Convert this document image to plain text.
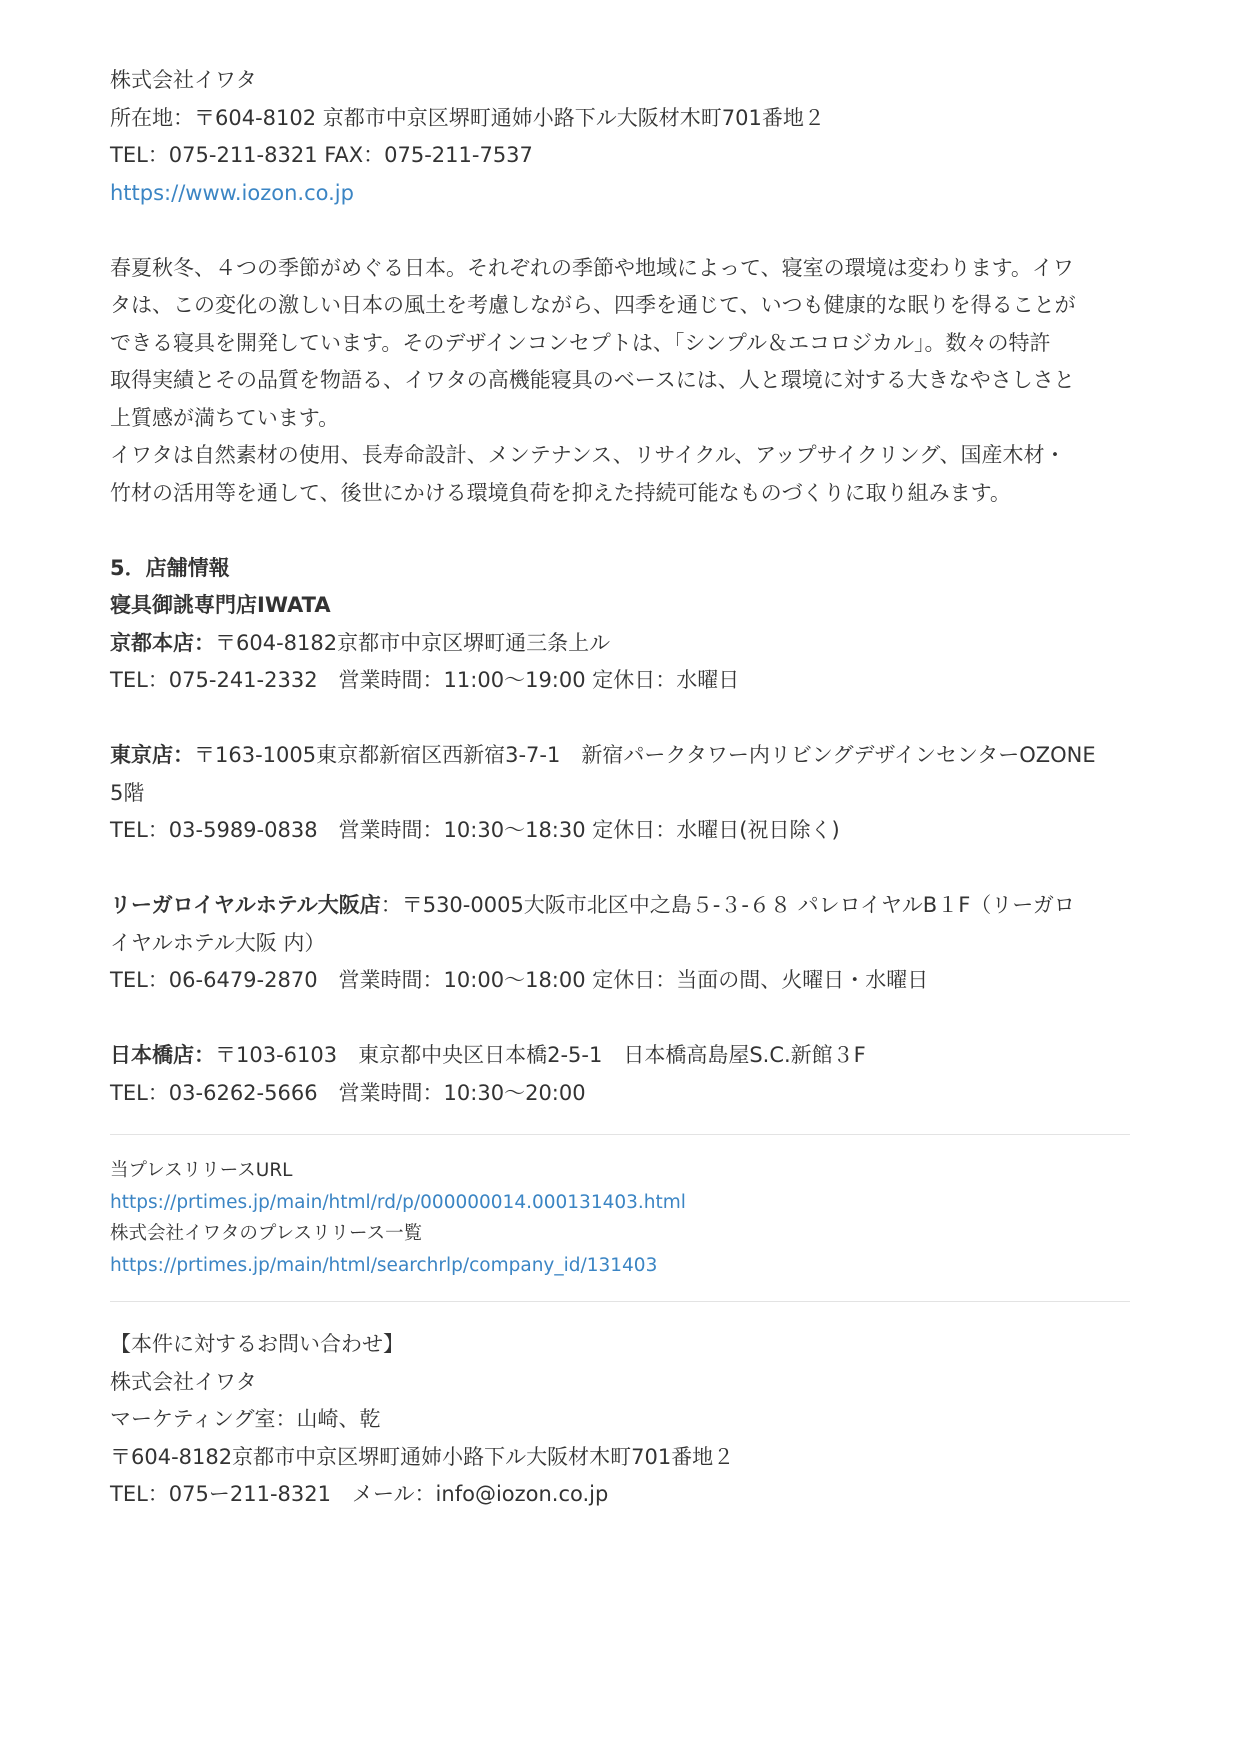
株式会社イワタ
所在地：〒604-8102 京都市中京区堺町通姉小路下ル大阪材木町701番地２
TEL：075-211-8321 FAX：075-211-7537
https://www.iozon.co.jp
春夏秋冬、４つの季節がめぐる日本。それぞれの季節や地域によって、寝室の環境は変わります。イワ
タは、この変化の激しい日本の風土を考慮しながら、四季を通じて、いつも健康的な眠りを得ることが
できる寝具を開発しています。そのデザインコンセプトは、「シンプル＆エコロジカル」。数々の特許
取得実績とその品質を物語る、イワタの高機能寝具のベースには、人と環境に対する大きなやさしさと
上質感が満ちています。
イワタは自然素材の使用、長寿命設計、メンテナンス、リサイクル、アップサイクリング、国産木材・
竹材の活用等を通して、後世にかける環境負荷を抑えた持続可能なものづくりに取り組みます。
5．店舗情報
寝具御誂専門店IWATA
京都本店：〒604-8182京都市中京区堺町通三条上ル
TEL：075-241-2332　営業時間：11:00～19:00 定休日：水曜日
東京店：〒163-1005東京都新宿区西新宿3-7-1　新宿パークタワー内リビングデザインセンターOZONE
5階
TEL：03-5989-0838　営業時間：10:30～18:30 定休日：水曜日(祝日除く)
リーガロイヤルホテル大阪店：〒530-0005大阪市北区中之島５-３-６８ パレロイヤルB１F（リーガロ
イヤルホテル大阪 内）
TEL：06-6479-2870　営業時間：10:00～18:00 定休日：当面の間、火曜日・水曜日
日本橋店：〒103-6103　東京都中央区日本橋2-5-1　日本橋高島屋S.C.新館３F
TEL：03-6262-5666　営業時間：10:30～20:00
当プレスリリースURL
https://prtimes.jp/main/html/rd/p/000000014.000131403.html
株式会社イワタのプレスリリース一覧
https://prtimes.jp/main/html/searchrlp/company_id/131403
【本件に対するお問い合わせ】
株式会社イワタ
マーケティング室：山崎、乾
〒604-8182京都市中京区堺町通姉小路下ル大阪材木町701番地２
TEL：075ー211-8321　メール：info@iozon.co.jp
